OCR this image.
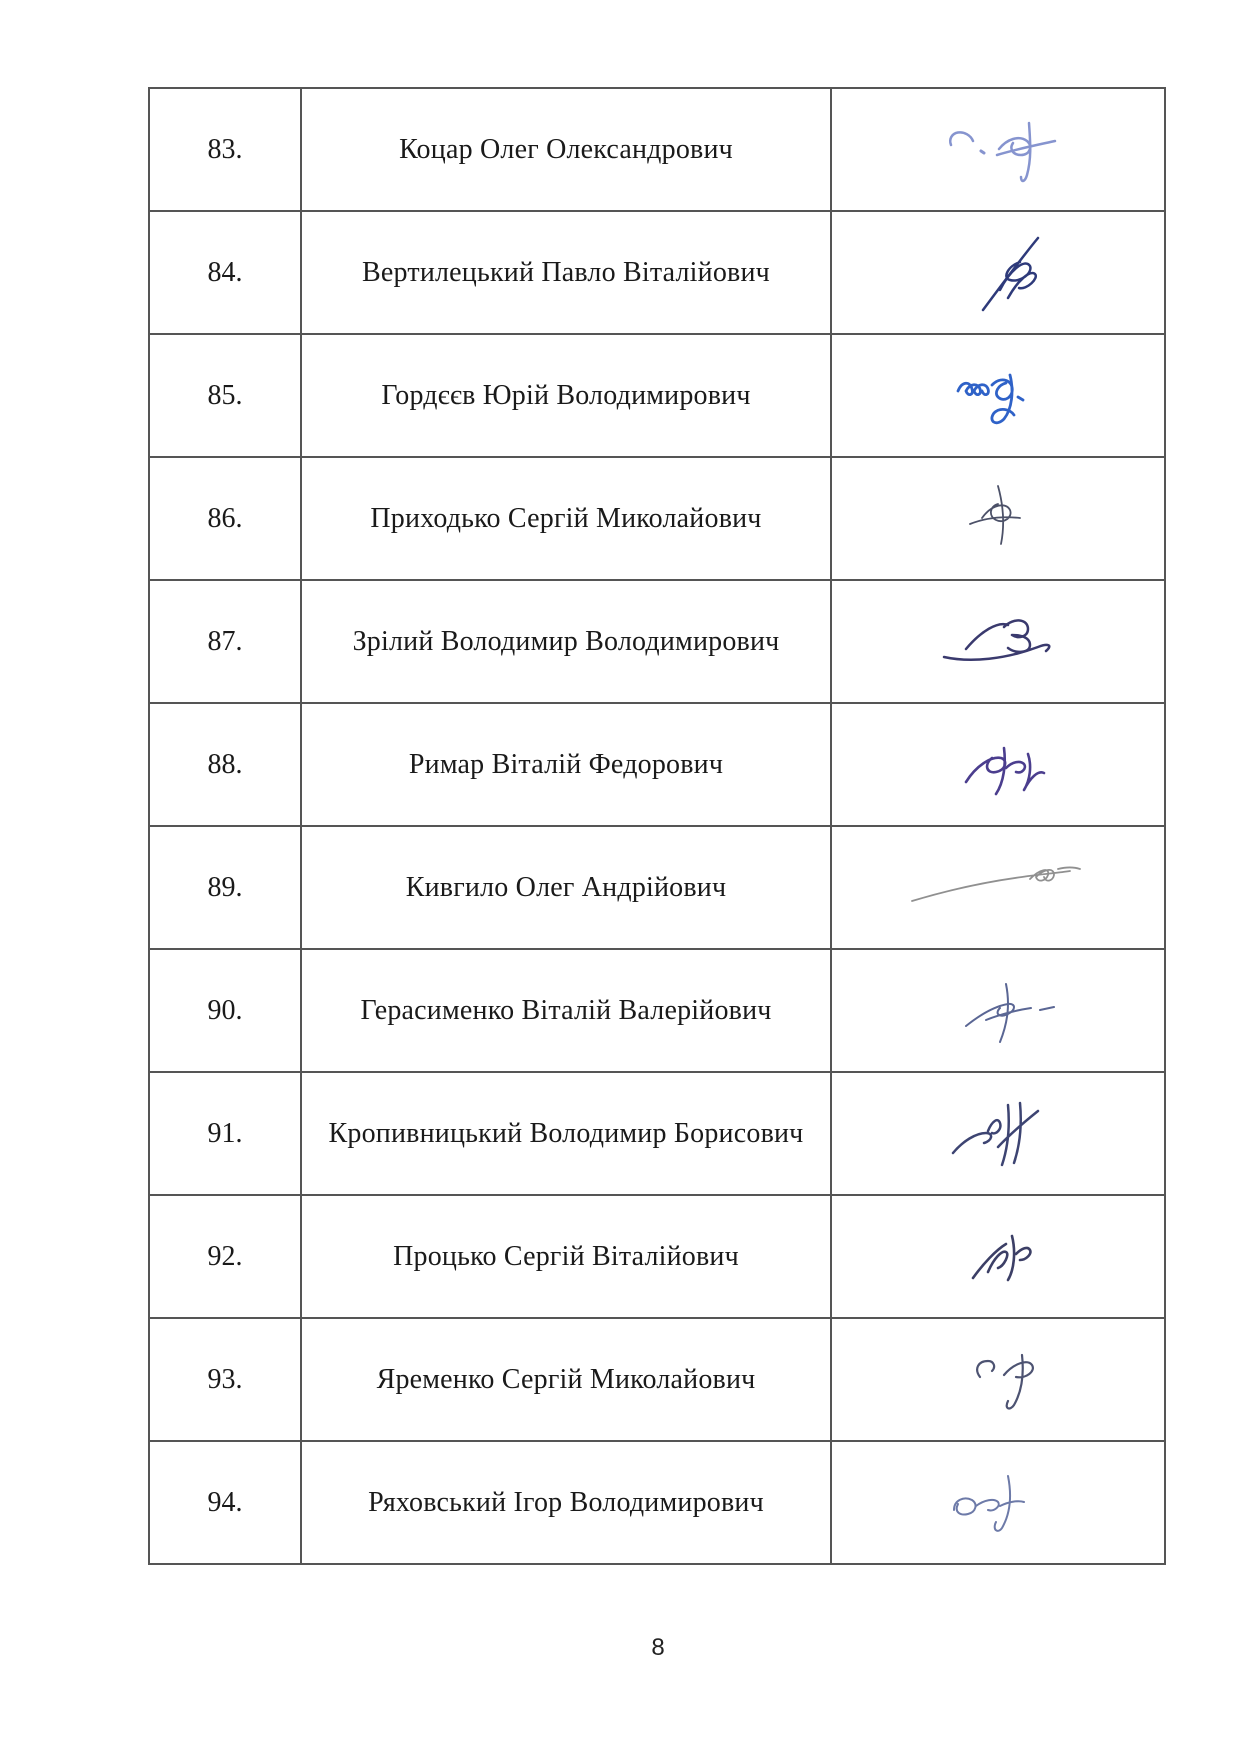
83.	Коцар Олег Олександрович	

84.	Вертилецький Павло Віталійович	

85.	Гордєєв Юрій Володимирович	

86.	Приходько Сергій Миколайович	

87.	Зрілий Володимир Володимирович	

88.	Римар Віталій Федорович	

89.	Кивгило Олег Андрійович	

90.	Герасименко Віталій Валерійович	

91.	Кропивницький Володимир Борисович	

92.	Процько Сергій Віталійович	

93.	Яременко Сергій Миколайович	

94.	Ряховський Ігор Володимирович	
8
